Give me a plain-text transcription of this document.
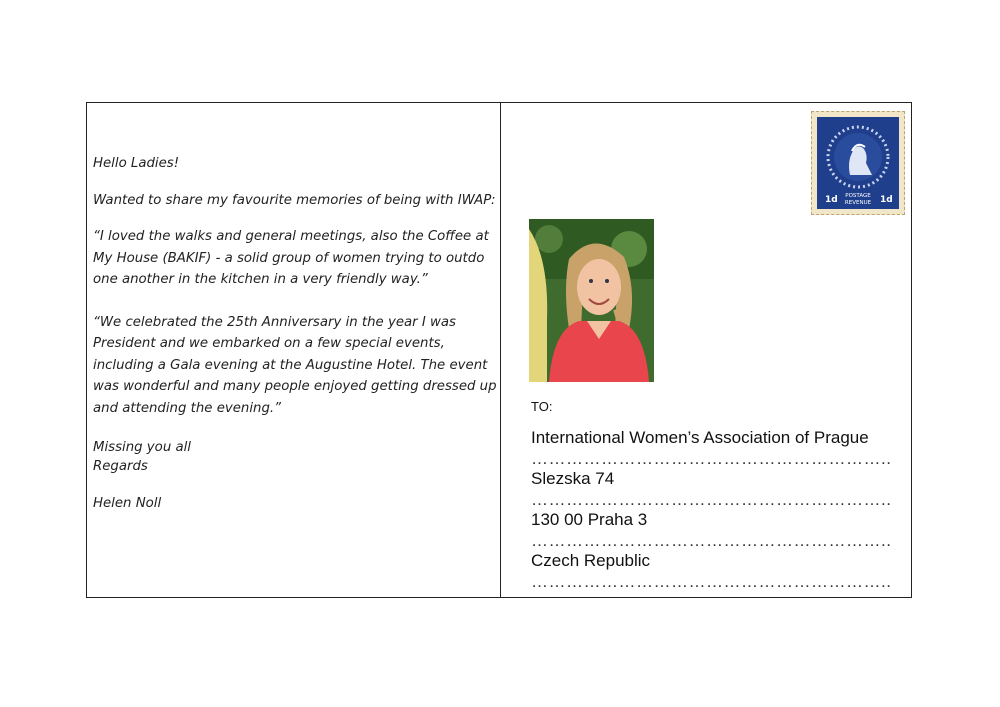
Hello Ladies!

Wanted to share my favourite memories of being with IWAP:

“I loved the walks and general meetings, also the Coffee at My House (BAKIF) - a solid group of women trying to outdo one another in the kitchen in a very friendly way.”

“We celebrated the 25th Anniversary in the year I was President and we embarked on a few special events, including a Gala evening at the Augustine Hotel. The event was wonderful and many people enjoyed getting dressed up and attending the evening.”

Missing you all

Regards

Helen Noll

1d	1d
POSTAGE
REVENUE

TO:

International Women’s Association of Prague

……………………………………………………..

Slezska 74

……………………………………………………..

130 00 Praha 3

……………………………………………………..

Czech Republic

……………………………………………………..
